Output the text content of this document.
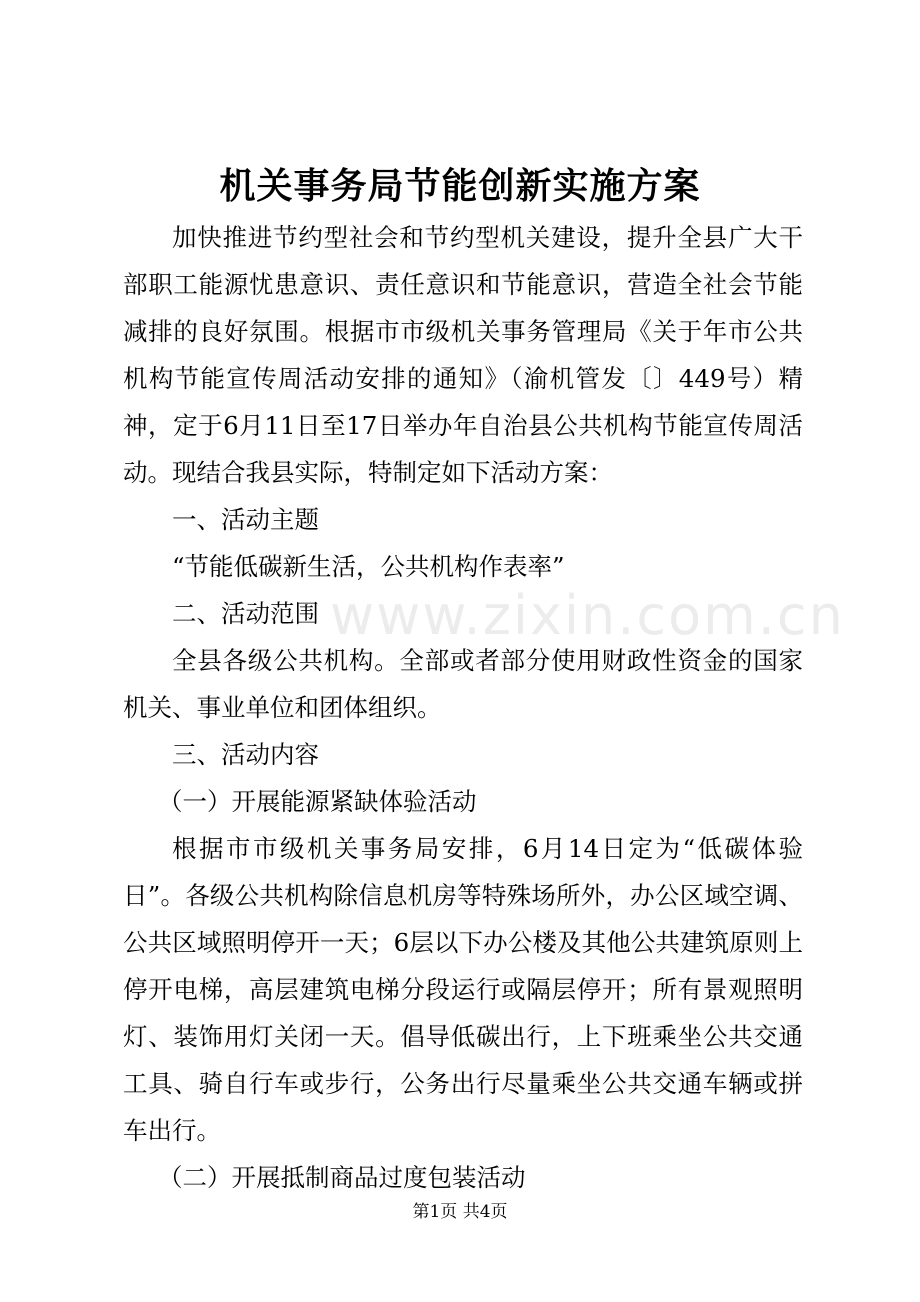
机关事务局节能创新实施方案
www.zixin.com.cn

加快推进节约型社会和节约型机关建设，提升全县广大干部职工能源忧患意识、责任意识和节能意识，营造全社会节能减排的良好氛围。根据市市级机关事务管理局《关于年市公共机构节能宣传周活动安排的通知》（渝机管发〔〕449号）精神，定于6月11日至17日举办年自治县公共机构节能宣传周活动。现结合我县实际，特制定如下活动方案：

一、活动主题

“节能低碳新生活，公共机构作表率”

二、活动范围

全县各级公共机构。全部或者部分使用财政性资金的国家机关、事业单位和团体组织。

三、活动内容

（一）开展能源紧缺体验活动

根据市市级机关事务局安排，6月14日定为“低碳体验日”。各级公共机构除信息机房等特殊场所外，办公区域空调、公共区域照明停开一天；6层以下办公楼及其他公共建筑原则上停开电梯，高层建筑电梯分段运行或隔层停开；所有景观照明灯、装饰用灯关闭一天。倡导低碳出行，上下班乘坐公共交通工具、骑自行车或步行，公务出行尽量乘坐公共交通车辆或拼车出行。

（二）开展抵制商品过度包装活动

第1页 共4页
